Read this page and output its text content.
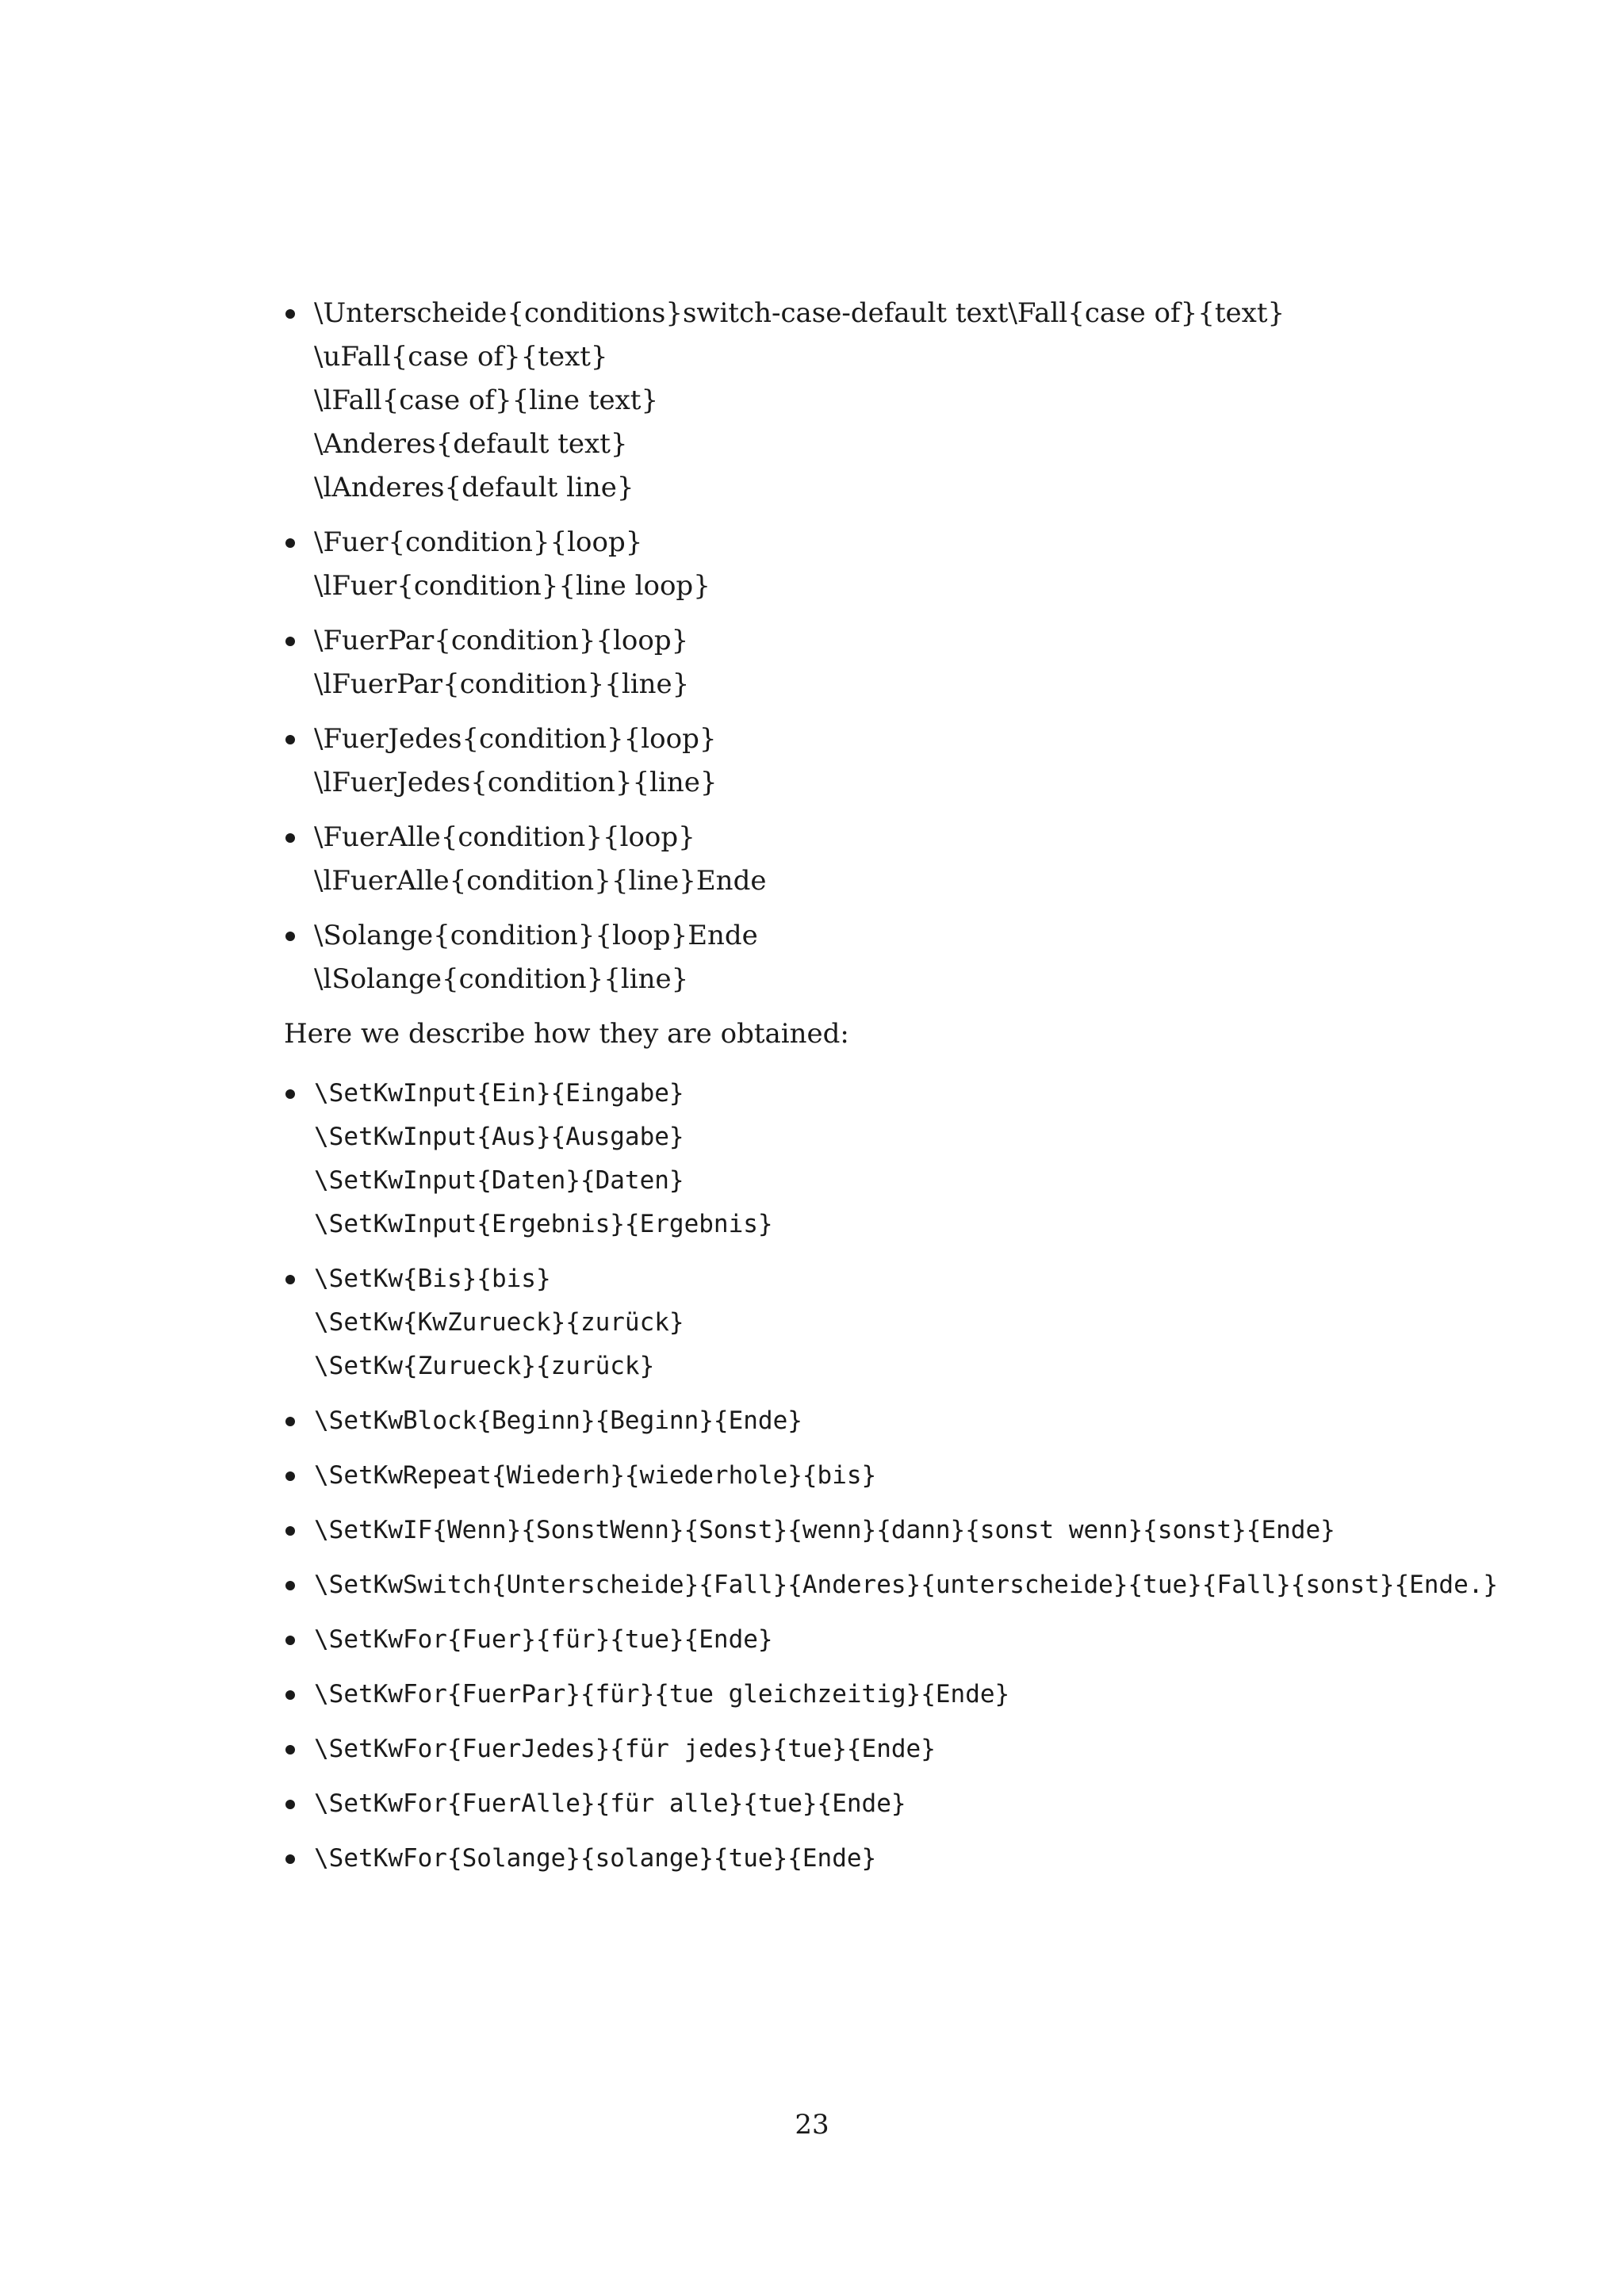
\Unterscheide{conditions}switch-case-default text\Fall{case of}{text}
\uFall{case of}{text}
\lFall{case of}{line text}
\Anderes{default text}
\lAnderes{default line}
\Fuer{condition}{loop}
\lFuer{condition}{line loop}
\FuerPar{condition}{loop}
\lFuerPar{condition}{line}
\FuerJedes{condition}{loop}
\lFuerJedes{condition}{line}
\FuerAlle{condition}{loop}
\lFuerAlle{condition}{line}Ende
\Solange{condition}{loop}Ende
\lSolange{condition}{line}

Here we describe how they are obtained:

\SetKwInput{Ein}{Eingabe}
\SetKwInput{Aus}{Ausgabe}
\SetKwInput{Daten}{Daten}
\SetKwInput{Ergebnis}{Ergebnis}
\SetKw{Bis}{bis}
\SetKw{KwZurueck}{zurück}
\SetKw{Zurueck}{zurück}
\SetKwBlock{Beginn}{Beginn}{Ende}
\SetKwRepeat{Wiederh}{wiederhole}{bis}
\SetKwIF{Wenn}{SonstWenn}{Sonst}{wenn}{dann}{sonst wenn}{sonst}{Ende}
\SetKwSwitch{Unterscheide}{Fall}{Anderes}{unterscheide}{tue}{Fall}{sonst}{Ende.}
\SetKwFor{Fuer}{für}{tue}{Ende}
\SetKwFor{FuerPar}{für}{tue gleichzeitig}{Ende}
\SetKwFor{FuerJedes}{für jedes}{tue}{Ende}
\SetKwFor{FuerAlle}{für alle}{tue}{Ende}
\SetKwFor{Solange}{solange}{tue}{Ende}
23
